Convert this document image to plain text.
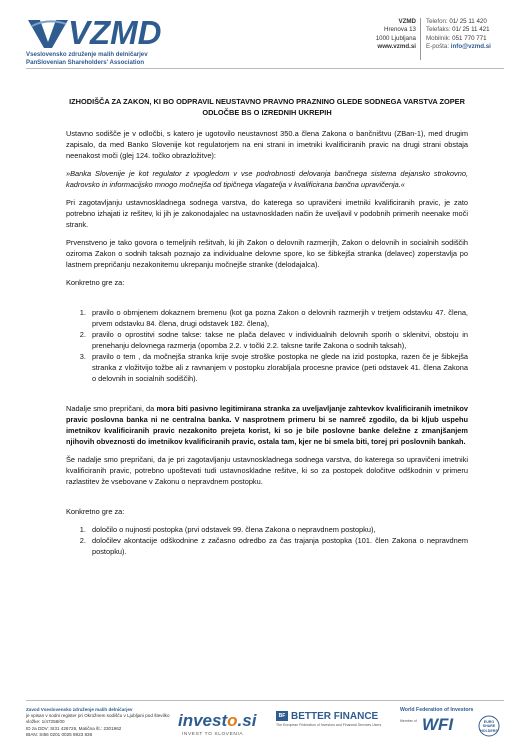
VZMD
Vseslovensko združenje malih delničarjev
PanSlovenian Shareholders' Association
VZMD
Hrenova 13
1000 Ljubljana
www.vzmd.si
Telefon: 01/ 25 11 420
Telefaks: 01/ 25 11 421
Mobilnik: 051 770 771
E-pošta: info@vzmd.si
IZHODIŠČA ZA ZAKON, KI BO ODPRAVIL NEUSTAVNO PRAVNO PRAZNINO GLEDE SODNEGA VARSTVA ZOPER ODLOČBE BS O IZREDNIH UKREPIH
Ustavno sodišče je v odločbi, s katero je ugotovilo neustavnost 350.a člena Zakona o bančništvu (ZBan-1), med drugim zapisalo, da med Banko Slovenije kot regulatorjem na eni strani in imetniki kvalificiranih pravic na drugi strani obstaja neenakost moči (glej 124. točko obrazložitve):
»Banka Slovenije je kot regulator z vpogledom v vse podrobnosti delovanja bančnega sistema dejansko strokovno, kadrovsko in informacijsko mnogo močnejša od tipičnega vlagatelja v kvalificirana bančna upravičenja.«
Pri zagotavljanju ustavnoskladnega sodnega varstva, do katerega so upravičeni imetniki kvalificiranih pravic, je zato potrebno izhajati iz rešitev, ki jih je zakonodajalec na ustavnoskladen način že uveljavil v podobnih primerih neenake moči strank.
Prvenstveno je tako govora o temeljnih rešitvah, ki jih Zakon o delovnih razmerjih, Zakon o delovnih in socialnih sodiščih oziroma Zakon o sodnih taksah poznajo za individualne delovne spore, ko se šibkejša stranka (delavec) zoperstavlja po lastnem prepričanju nezakonitemu ukrepanju močnejše stranke (delodajalca).
Konkretno gre za:
1. pravilo o obrnjenem dokaznem bremenu (kot ga pozna Zakon o delovnih razmerjih v tretjem odstavku 47. člena, prvem odstavku 84. člena, drugi odstavek 182. člena),
2. pravilo o oprostitvi sodne takse: takse ne plača delavec v individualnih delovnih sporih o sklenitvi, obstoju in prenehanju delovnega razmerja (opomba 2.2. v točki 2.2. taksne tarife Zakona o sodnih taksah),
3. pravilo o tem , da močnejša stranka krije svoje stroške postopka ne glede na izid postopka, razen če je šibkejša stranka z vložitvijo tožbe ali z ravnanjem v postopku zlorabljala procesne pravice (peti odstavek 41. člena Zakona o delovnih in socialnih sodiščih).
Nadalje smo prepričani, da mora biti pasivno legitimirana stranka za uveljavljanje zahtevkov kvalificiranih imetnikov pravic poslovna banka ni ne centralna banka. V nasprotnem primeru bi se namreč zgodilo, da bi kljub uspehu imetnikov kvalificiranih pravic nezakonito prejeta korist, ki so je bile poslovne banke deležne z zmanjšanjem njihovih obveznosti do imetnikov kvalificiranih pravic, ostala tam, kjer ne bi smela biti, torej pri poslovnih bankah.
Še nadalje smo prepričani, da je pri zagotavljanju ustavnoskladnega sodnega varstva, do katerega so upravičeni imetniki kvalificiranih pravic, potrebno upoštevati tudi ustavnoskladne rešitve, ki so za postopek določitve odškodnin v primeru razlastitev že vsebovane v Zakonu o nepravdnem postopku.
Konkretno gre za:
1. določilo o nujnosti postopka (prvi odstavek 99. člena Zakona o nepravdnem postopku),
2. določilev akontacije odškodnine z začasno odredbo za čas trajanja postopka (101. člen Zakona o nepravdnem postopku).
Zavod Vseslovensko združenje malih delničarjev
je vpisan v sodni register pri Okrožnem sodišču v Ljubljani pod številko vložke: 1/47258/00
ID za DDV: SI31 426726, Matična št.: 2301962
IBAN: SI56 0201 0025 8923 836
investo.si
INVEST TO SLOVENIA
BF BETTER FINANCE
The European Federation of Investors and Financial Services Users
World Federation of Investors
Member of WFI	EURO
SHARE
HOLDERS
